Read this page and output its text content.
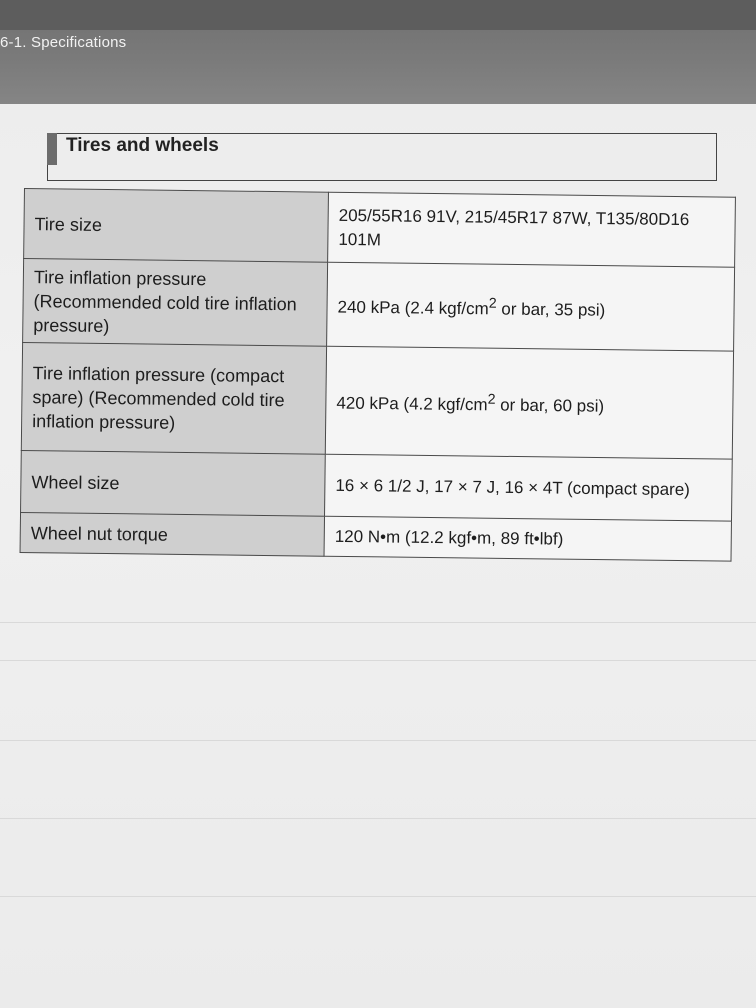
6-1. Specifications
Tires and wheels
Tire size	205/55R16 91V, 215/45R17 87W, T135/80D16 101M
Tire inflation pressure (Recommended cold tire inflation pressure)	240 kPa (2.4 kgf/$cm^2$ or bar, 35 psi)
Tire inflation pressure (compact spare) (Recommended cold tire inflation pressure)	420 kPa (4.2 kgf/$cm^2$ or bar, 60 psi)
Wheel size	16 × 6 1/2 J, 17 × 7 J, 16 × 4T (compact spare)
Wheel nut torque	120 N•m (12.2 kgf•m, 89 ft•lbf)
